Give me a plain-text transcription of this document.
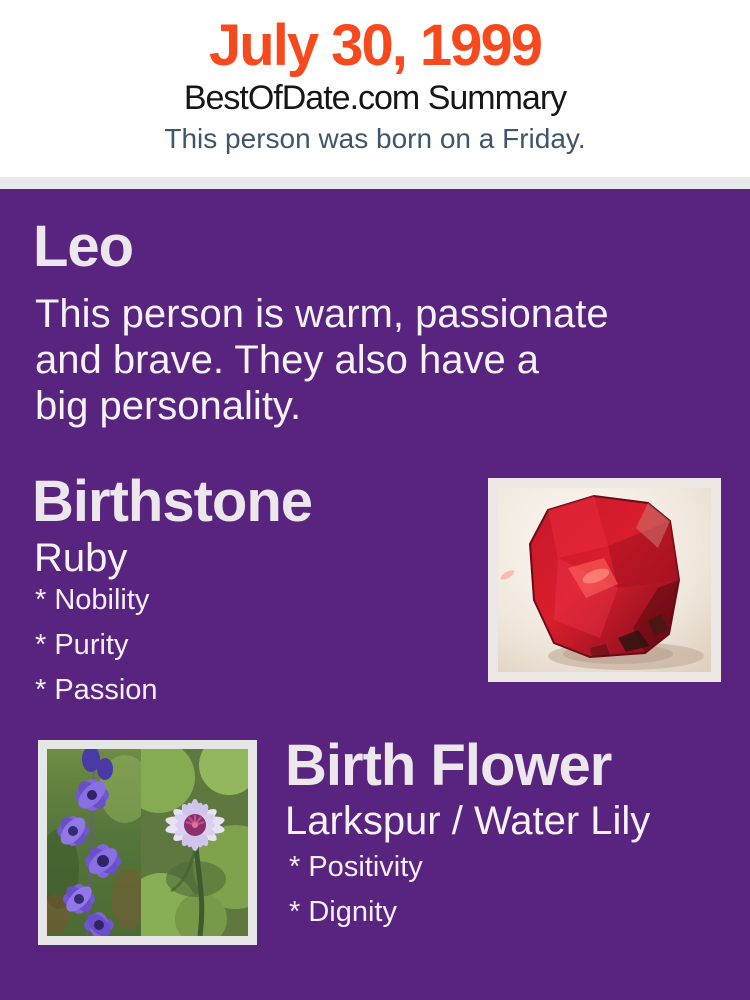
July 30, 1999
BestOfDate.com Summary
This person was born on a Friday.
Leo
This person is warm, passionate
and brave. They also have a
big personality.
Birthstone
Ruby
* Nobility
* Purity
* Passion
Birth Flower
Larkspur / Water Lily
* Positivity
* Dignity
